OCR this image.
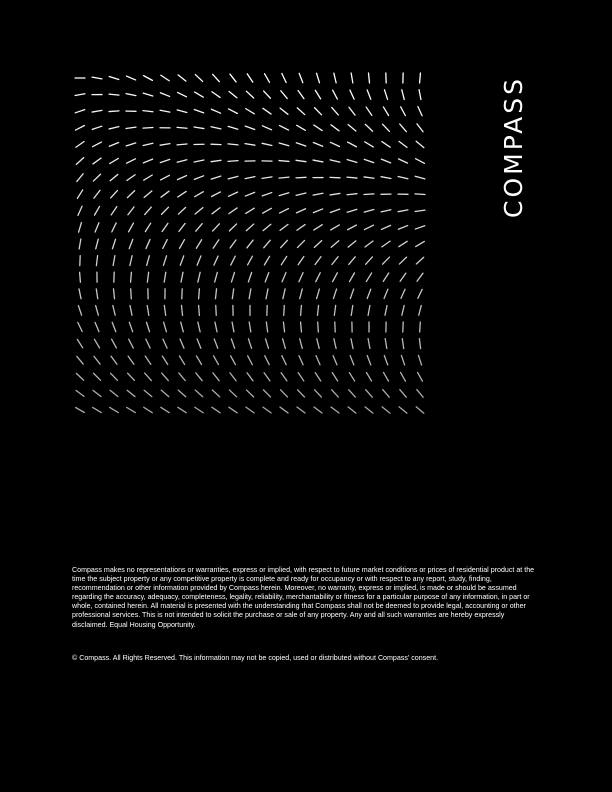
COMPASS

Compass makes no representations or warranties, express or implied, with respect to future market conditions or prices of residential product at the time the subject property or any competitive property is complete and ready for occupancy or with respect to any report, study, finding, recommendation or other information provided by Compass herein. Moreover, no warranty, express or implied, is made or should be assumed regarding the accuracy, adequacy, completeness, legality, reliability, merchantability or fitness for a particular purpose of any information, in part or whole, contained herein. All material is presented with the understanding that Compass shall not be deemed to provide legal, accounting or other professional services. This is not intended to solicit the purchase or sale of any property. Any and all such warranties are hereby expressly disclaimed. Equal Housing Opportunity.

© Compass. All Rights Reserved. This information may not be copied, used or distributed without Compass' consent.
